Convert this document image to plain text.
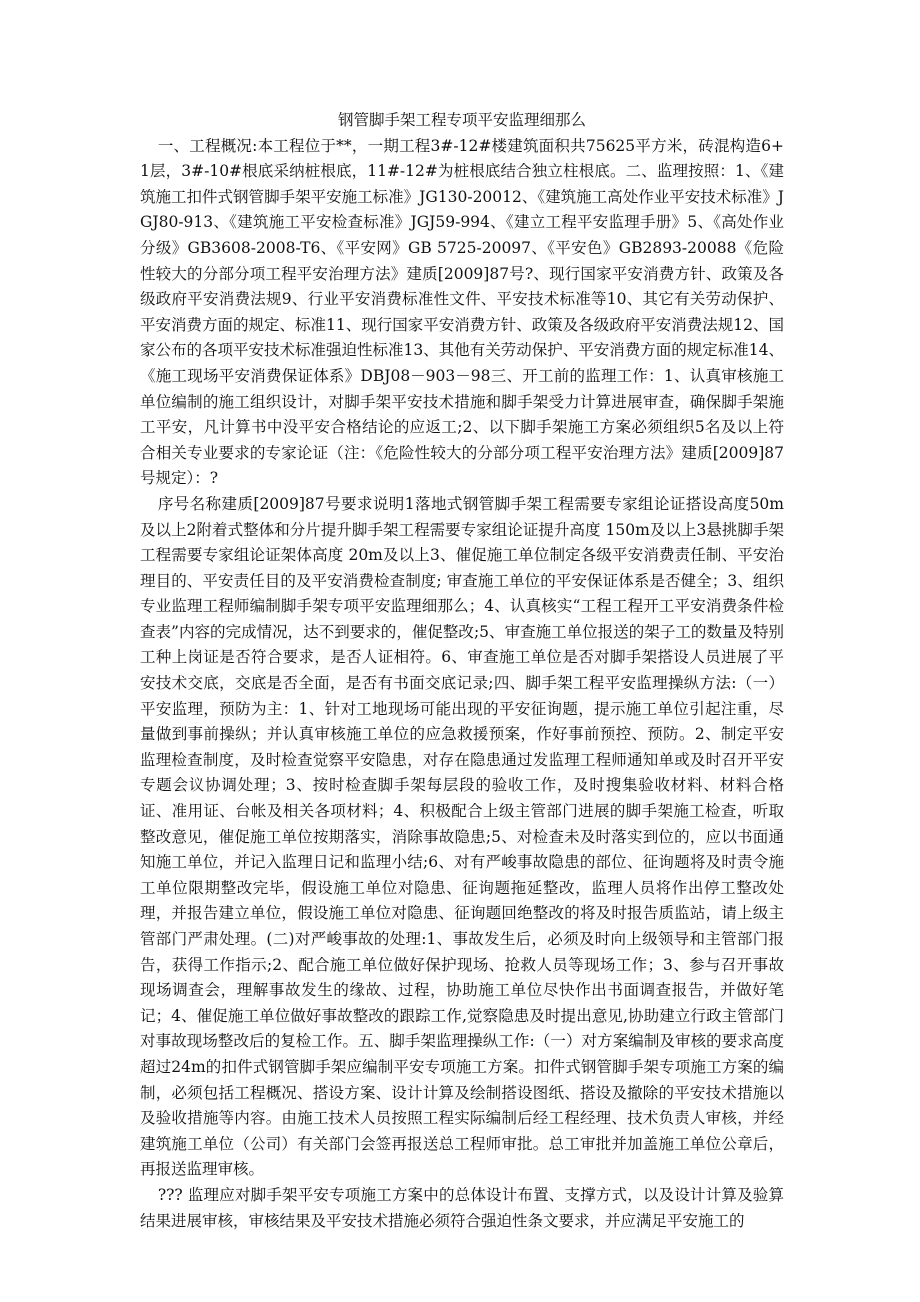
钢管脚手架工程专项平安监理细那么

一、工程概况:本工程位于**，一期工程3#-12#楼建筑面积共75625平方米，砖混构造6+1层，3#-10#根底采纳桩根底，11#-12#为桩根底结合独立柱根底。二、监理按照：1、《建筑施工扣件式钢管脚手架平安施工标准》JG130-20012、《建筑施工高处作业平安技术标准》JGJ80-913、《建筑施工平安检查标准》JGJ59-994、《建立工程平安监理手册》5、《高处作业分级》GB3608-2008-T6、《平安网》GB 5725-20097、《平安色》GB2893-20088《危险性较大的分部分项工程平安治理方法》建质[2009]87号?、现行国家平安消费方针、政策及各级政府平安消费法规9、行业平安消费标准性文件、平安技术标准等10、其它有关劳动保护、平安消费方面的规定、标准11、现行国家平安消费方针、政策及各级政府平安消费法规12、国家公布的各项平安技术标准强迫性标准13、其他有关劳动保护、平安消费方面的规定标准14、《施工现场平安消费保证体系》DBJ08－903－98三、开工前的监理工作：1、认真审核施工单位编制的施工组织设计，对脚手架平安技术措施和脚手架受力计算进展审查，确保脚手架施工平安，凡计算书中没平安合格结论的应返工;2、以下脚手架施工方案必须组织5名及以上符合相关专业要求的专家论证（注：《危险性较大的分部分项工程平安治理方法》建质[2009]87号规定）：?

序号名称建质[2009]87号要求说明1落地式钢管脚手架工程需要专家组论证搭设高度50m及以上2附着式整体和分片提升脚手架工程需要专家组论证提升高度 150m及以上3悬挑脚手架工程需要专家组论证架体高度 20m及以上3、催促施工单位制定各级平安消费责任制、平安治理目的、平安责任目的及平安消费检查制度; 审查施工单位的平安保证体系是否健全；3、组织专业监理工程师编制脚手架专项平安监理细那么；4、认真核实“工程工程开工平安消费条件检查表”内容的完成情况，达不到要求的，催促整改;5、审查施工单位报送的架子工的数量及特别工种上岗证是否符合要求，是否人证相符。6、审查施工单位是否对脚手架搭设人员进展了平安技术交底，交底是否全面，是否有书面交底记录;四、脚手架工程平安监理操纵方法:（一）平安监理，预防为主：1、针对工地现场可能出现的平安征询题，提示施工单位引起注重，尽量做到事前操纵；并认真审核施工单位的应急救援预案，作好事前预控、预防。2、制定平安监理检查制度，及时检查觉察平安隐患，对存在隐患通过发监理工程师通知单或及时召开平安专题会议协调处理；3、按时检查脚手架每层段的验收工作，及时搜集验收材料、材料合格证、准用证、台帐及相关各项材料；4、积极配合上级主管部门进展的脚手架施工检查，听取整改意见，催促施工单位按期落实，消除事故隐患;5、对检查未及时落实到位的，应以书面通知施工单位，并记入监理日记和监理小结;6、对有严峻事故隐患的部位、征询题将及时责令施工单位限期整改完毕，假设施工单位对隐患、征询题拖延整改，监理人员将作出停工整改处理，并报告建立单位，假设施工单位对隐患、征询题回绝整改的将及时报告质监站，请上级主管部门严肃处理。(二)对严峻事故的处理:1、事故发生后，必须及时向上级领导和主管部门报告，获得工作指示;2、配合施工单位做好保护现场、抢救人员等现场工作；3、参与召开事故现场调查会，理解事故发生的缘故、过程，协助施工单位尽快作出书面调查报告，并做好笔记；4、催促施工单位做好事故整改的跟踪工作,觉察隐患及时提出意见,协助建立行政主管部门对事故现场整改后的复检工作。五、脚手架监理操纵工作:（一）对方案编制及审核的要求高度超过24m的扣件式钢管脚手架应编制平安专项施工方案。扣件式钢管脚手架专项施工方案的编制，必须包括工程概况、搭设方案、设计计算及绘制搭设图纸、搭设及撤除的平安技术措施以及验收措施等内容。由施工技术人员按照工程实际编制后经工程经理、技术负责人审核，并经建筑施工单位（公司）有关部门会签再报送总工程师审批。总工审批并加盖施工单位公章后，再报送监理审核。

??? 监理应对脚手架平安专项施工方案中的总体设计布置、支撑方式，以及设计计算及验算结果进展审核，审核结果及平安技术措施必须符合强迫性条文要求，并应满足平安施工的
